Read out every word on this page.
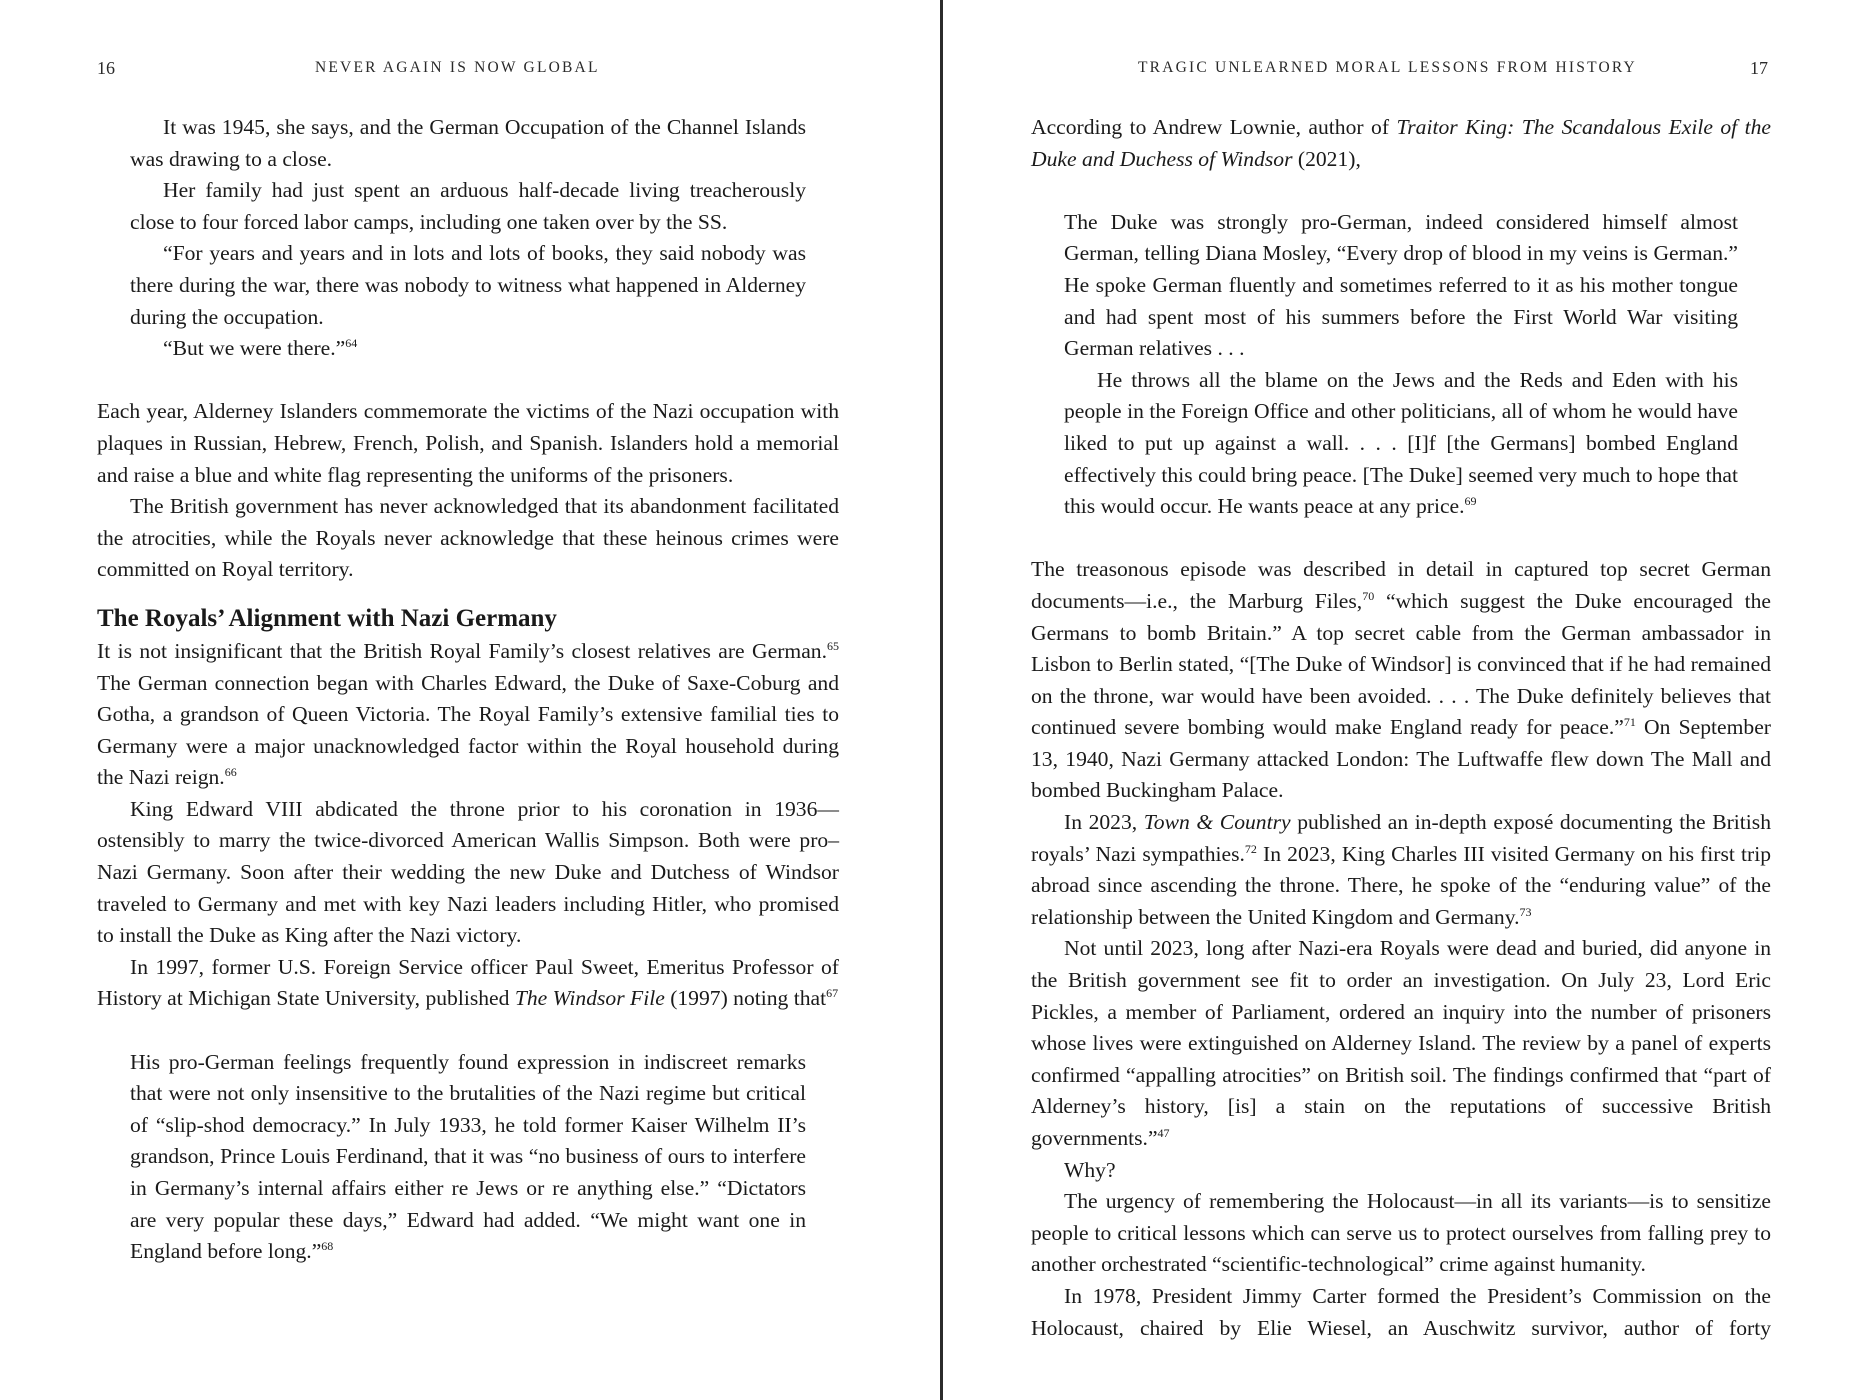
16	NEVER AGAIN IS NOW GLOBAL

It was 1945, she says, and the German Occupation of the Channel Islands was drawing to a close.

Her family had just spent an arduous half-decade living treacherously close to four forced labor camps, including one taken over by the SS.

“For years and years and in lots and lots of books, they said nobody was there during the war, there was nobody to witness what happened in Alderney during the occupation.

“But we were there.”$^{64}$

Each year, Alderney Islanders commemorate the victims of the Nazi occupation with plaques in Russian, Hebrew, French, Polish, and Spanish. Islanders hold a memorial and raise a blue and white flag representing the uniforms of the prisoners.

The British government has never acknowledged that its abandonment facilitated the atrocities, while the Royals never acknowledge that these heinous crimes were committed on Royal territory.

The Royals’ Alignment with Nazi Germany

It is not insignificant that the British Royal Family’s closest relatives are German.$^{65}$ The German connection began with Charles Edward, the Duke of Saxe-Coburg and Gotha, a grandson of Queen Victoria. The Royal Family’s extensive familial ties to Germany were a major unacknowledged factor within the Royal household during the Nazi reign.$^{66}$

King Edward VIII abdicated the throne prior to his coronation in 1936—ostensibly to marry the twice-divorced American Wallis Simpson. Both were pro–Nazi Germany. Soon after their wedding the new Duke and Dutchess of Windsor traveled to Germany and met with key Nazi leaders including Hitler, who promised to install the Duke as King after the Nazi victory.

In 1997, former U.S. Foreign Service officer Paul Sweet, Emeritus Professor of History at Michigan State University, published The Windsor File (1997) noting that$^{67}$

His pro-German feelings frequently found expression in indiscreet remarks that were not only insensitive to the brutalities of the Nazi regime but critical of “slip-shod democracy.” In July 1933, he told former Kaiser Wilhelm II’s grandson, Prince Louis Ferdinand, that it was “no business of ours to interfere in Germany’s internal affairs either re Jews or re anything else.” “Dictators are very popular these days,” Edward had added. “We might want one in England before long.”$^{68}$

TRAGIC UNLEARNED MORAL LESSONS FROM HISTORY	17

According to Andrew Lownie, author of Traitor King: The Scandalous Exile of the Duke and Duchess of Windsor (2021),

The Duke was strongly pro-German, indeed considered himself almost German, telling Diana Mosley, “Every drop of blood in my veins is German.” He spoke German fluently and sometimes referred to it as his mother tongue and had spent most of his summers before the First World War visiting German relatives . . .

He throws all the blame on the Jews and the Reds and Eden with his people in the Foreign Office and other politicians, all of whom he would have liked to put up against a wall. . . . [I]f [the Germans] bombed England effectively this could bring peace. [The Duke] seemed very much to hope that this would occur. He wants peace at any price.$^{69}$

The treasonous episode was described in detail in captured top secret German documents—i.e., the Marburg Files,$^{70}$ “which suggest the Duke encouraged the Germans to bomb Britain.” A top secret cable from the German ambassador in Lisbon to Berlin stated, “[The Duke of Windsor] is convinced that if he had remained on the throne, war would have been avoided. . . . The Duke definitely believes that continued severe bombing would make England ready for peace.”$^{71}$ On September 13, 1940, Nazi Germany attacked London: The Luftwaffe flew down The Mall and bombed Buckingham Palace.

In 2023, Town & Country published an in-depth exposé documenting the British royals’ Nazi sympathies.$^{72}$ In 2023, King Charles III visited Germany on his first trip abroad since ascending the throne. There, he spoke of the “enduring value” of the relationship between the United Kingdom and Germany.$^{73}$

Not until 2023, long after Nazi-era Royals were dead and buried, did anyone in the British government see fit to order an investigation. On July 23, Lord Eric Pickles, a member of Parliament, ordered an inquiry into the number of prisoners whose lives were extinguished on Alderney Island. The review by a panel of experts confirmed “appalling atrocities” on British soil. The findings confirmed that “part of Alderney’s history, [is] a stain on the reputations of successive British governments.”$^{47}$

Why?

The urgency of remembering the Holocaust—in all its variants—is to sensitize people to critical lessons which can serve us to protect ourselves from falling prey to another orchestrated “scientific-technological” crime against humanity.

In 1978, President Jimmy Carter formed the President’s Commission on the Holocaust, chaired by Elie Wiesel, an Auschwitz survivor, author of forty
